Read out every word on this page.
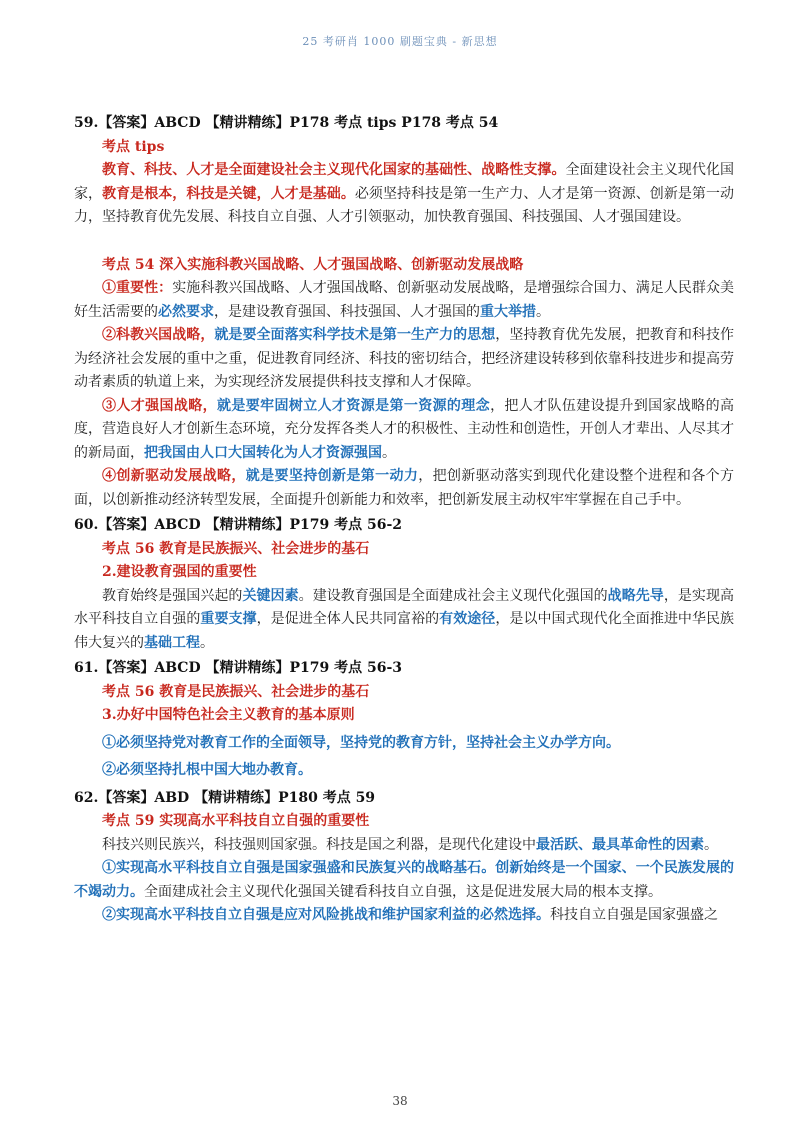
25 考研肖 1000 刷题宝典 - 新思想

59.【答案】ABCD 【精讲精练】P178 考点 tips P178 考点 54

考点 tips

教育、科技、人才是全面建设社会主义现代化国家的基础性、战略性支撑。全面建设社会主义现代化国家，教育是根本，科技是关键，人才是基础。必须坚持科技是第一生产力、人才是第一资源、创新是第一动力，坚持教育优先发展、科技自立自强、人才引领驱动，加快教育强国、科技强国、人才强国建设。

考点 54 深入实施科教兴国战略、人才强国战略、创新驱动发展战略

①重要性：实施科教兴国战略、人才强国战略、创新驱动发展战略，是增强综合国力、满足人民群众美好生活需要的必然要求，是建设教育强国、科技强国、人才强国的重大举措。

②科教兴国战略，就是要全面落实科学技术是第一生产力的思想，坚持教育优先发展，把教育和科技作为经济社会发展的重中之重，促进教育同经济、科技的密切结合，把经济建设转移到依靠科技进步和提高劳动者素质的轨道上来，为实现经济发展提供科技支撑和人才保障。

③人才强国战略，就是要牢固树立人才资源是第一资源的理念，把人才队伍建设提升到国家战略的高度，营造良好人才创新生态环境，充分发挥各类人才的积极性、主动性和创造性，开创人才辈出、人尽其才的新局面，把我国由人口大国转化为人才资源强国。

④创新驱动发展战略，就是要坚持创新是第一动力，把创新驱动落实到现代化建设整个进程和各个方面，以创新推动经济转型发展，全面提升创新能力和效率，把创新发展主动权牢牢掌握在自己手中。

60.【答案】ABCD 【精讲精练】P179 考点 56-2

考点 56 教育是民族振兴、社会进步的基石

2.建设教育强国的重要性

教育始终是强国兴起的关键因素。建设教育强国是全面建成社会主义现代化强国的战略先导，是实现高水平科技自立自强的重要支撑，是促进全体人民共同富裕的有效途径，是以中国式现代化全面推进中华民族伟大复兴的基础工程。

61.【答案】ABCD 【精讲精练】P179 考点 56-3

考点 56 教育是民族振兴、社会进步的基石

3.办好中国特色社会主义教育的基本原则

①必须坚持党对教育工作的全面领导，坚持党的教育方针，坚持社会主义办学方向。

②必须坚持扎根中国大地办教育。

62.【答案】ABD 【精讲精练】P180 考点 59

考点 59 实现高水平科技自立自强的重要性

科技兴则民族兴，科技强则国家强。科技是国之利器，是现代化建设中最活跃、最具革命性的因素。

①实现高水平科技自立自强是国家强盛和民族复兴的战略基石。创新始终是一个国家、一个民族发展的不竭动力。全面建成社会主义现代化强国关键看科技自立自强，这是促进发展大局的根本支撑。

②实现高水平科技自立自强是应对风险挑战和维护国家利益的必然选择。科技自立自强是国家强盛之

38
